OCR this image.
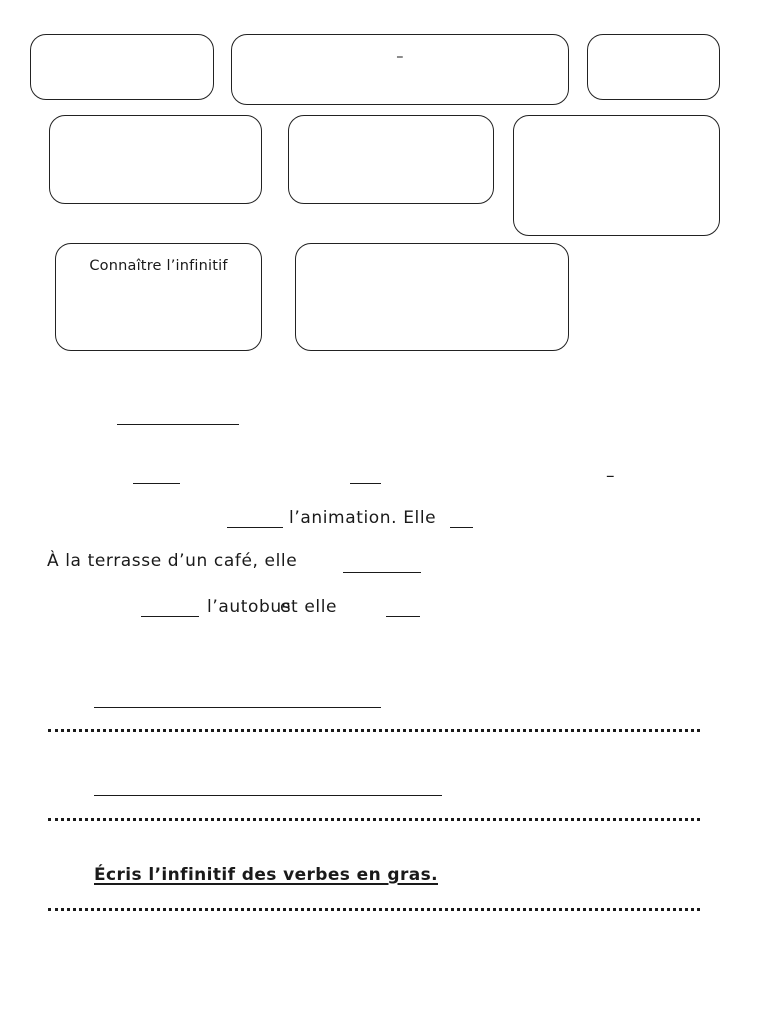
–
Connaître l’infinitif
–
l’animation. Elle
À la terrasse d’un café, elle
l’autobus
et elle
Écris l’infinitif des verbes en gras.
